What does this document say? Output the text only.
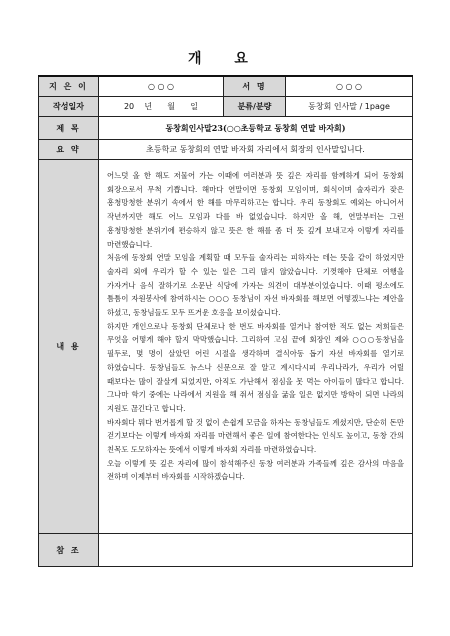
개 요
지 은 이	○ ○ ○	서 명	○ ○ ○
작성일자	20    년      월      일	분류/분량	동창회 인사말 / 1page
제 목	동창회인사말23(○○초등학교 동창회 연말 바자회)		
요 약	초등학교 동창회의 연말 바자회 자리에서 회장의 인사말입니다.		
내 용	어느덧 올 한 해도 저물어 가는 이때에 여러분과 뜻 깊은 자리를 함께하게 되어 동창회 회장으로서 무척 기쁩니다. 해마다 연말이면 동창회 모임이며, 회식이며 술자리가 잦은 흥청망청한 분위기 속에서 한 해를 마무리하고는 합니다. 우리 동창회도 예외는 아니어서 작년까지만 해도 어느 모임과 다를 바 없었습니다. 하지만 올 해, 연말부터는 그런 흥청망청한 분위기에 편승하지 않고 뜻은 한 해를 좀 더 뜻 깊게 보내고자 이렇게 자리를 마련했습니다.

처음에 동창회 연말 모임을 계획할 때 모두들 술자리는 피하자는 데는 뜻을 같이 하였지만 술자리 외에 우리가 할 수 있는 일은 그리 많지 않았습니다. 기껏해야 단체로 여행을 가자거나 음식 잘하기로 소문난 식당에 가자는 의견이 대부분이었습니다. 이때 평소에도 틈틈이 자원봉사에 참여하시는 ○○○ 동창님이 자선 바자회를 해보면 어떻겠느냐는 제안을 하셨고, 동창님들도 모두 뜨거운 호응을 보이셨습니다.

하지만 개인으로나 동창회 단체로나 한 번도 바자회를 열거나 참여한 적도 없는 저희들은 무엇을 어떻게 해야 할지 막막했습니다. 그리하여 고심 끝에 회장인 제와 ○○○동창님을 필두로, 몇 명이 살았던 어린 시절을 생각하며 결식아동 돕기 자선 바자회를 열기로 하였습니다. 동창님들도 뉴스나 신문으로 잘 알고 계시다시피 우리나라가, 우리가 어릴 때보다는 많이 잘살게 되었지만, 아직도 가난해서 점심을 못 먹는 아이들이 많다고 합니다. 그나마 학기 중에는 나라에서 지원을 해 줘서 점심을 굶을 일은 없지만 방학이 되면 나라의 지원도 끊긴다고 합니다.

바자회다 뭐다 번거롭게 할 것 없이 손쉽게 모금을 하자는 동창님들도 계셨지만, 단순히 돈만 걷기보다는 이렇게 바자회 자리를 마련해서 좋은 일에 참여한다는 인식도 높이고, 동창 간의 친목도 도모하자는 뜻에서 이렇게 바자회 자리를 마련하였습니다.

오늘 이렇게 뜻 깊은 자리에 많이 참석해주신 동창 여러분과 가족들께 깊은 감사의 마음을 전하며 이제부터 바자회를 시작하겠습니다.		

참 조			
